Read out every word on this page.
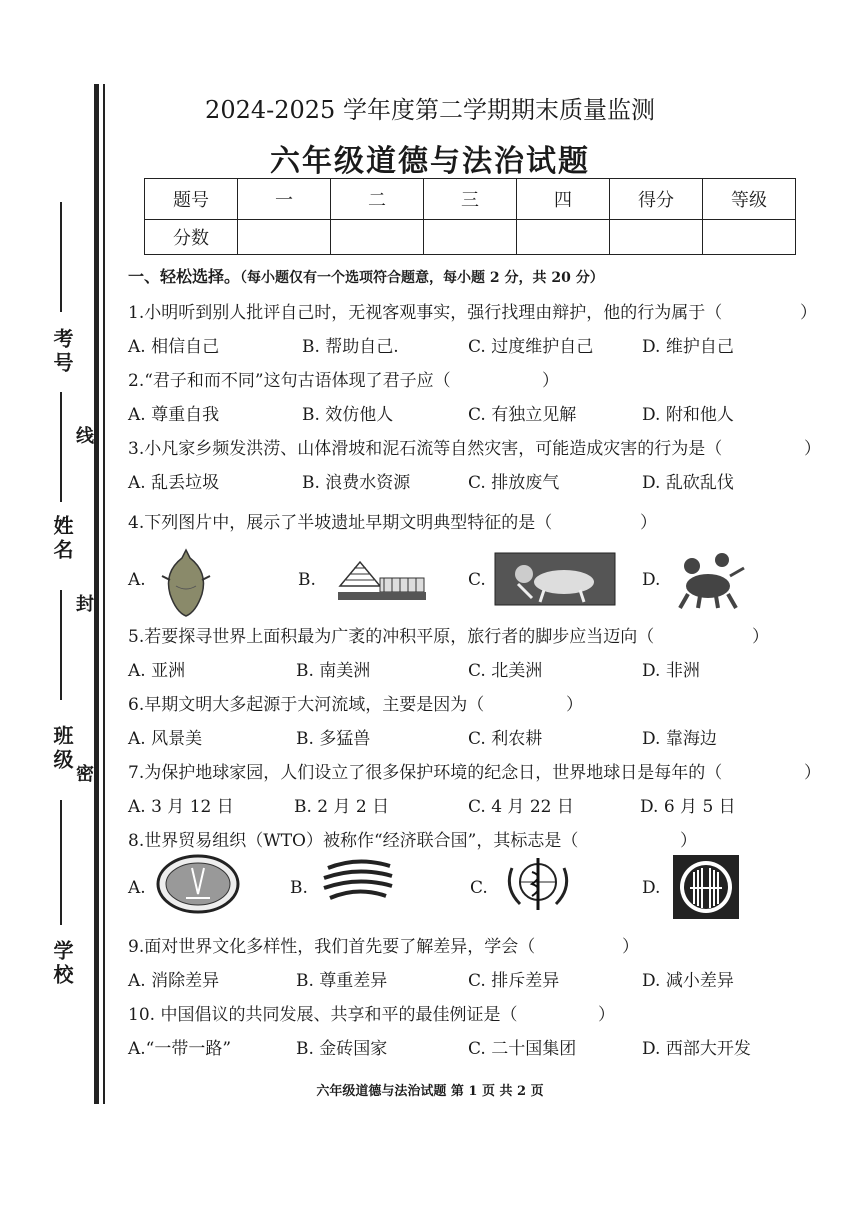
考号
姓名
班级
学校
线
封
密
2024-2025 学年度第二学期期末质量监测
六年级道德与法治试题
题号	一	二	三	四	得分	等级
分数						
一、轻松选择。（每小题仅有一个选项符合题意，每小题 2 分，共 20 分）
1.小明听到别人批评自己时，无视客观事实，强行找理由辩护，他的行为属于（	）
A. 相信自己	B. 帮助自己.	C. 过度维护自己	D. 维护自己
2.“君子和而不同”这句古语体现了君子应（	）
A. 尊重自我	B. 效仿他人	C. 有独立见解	D. 附和他人
3.小凡家乡频发洪涝、山体滑坡和泥石流等自然灾害，可能造成灾害的行为是（	）
A. 乱丢垃圾	B. 浪费水资源	C. 排放废气	D. 乱砍乱伐
4.下列图片中，展示了半坡遗址早期文明典型特征的是（	）
A.	B.	C.	D.
5.若要探寻世界上面积最为广袤的冲积平原，旅行者的脚步应当迈向（	）
A. 亚洲	B. 南美洲	C. 北美洲	D. 非洲
6.早期文明大多起源于大河流域，主要是因为（	）
A. 风景美	B. 多猛兽	C. 利农耕	D. 靠海边
7.为保护地球家园，人们设立了很多保护环境的纪念日，世界地球日是每年的（	）
A. 3 月 12 日	B. 2 月 2 日	C. 4 月 22 日	D. 6 月 5 日
8.世界贸易组织（WTO）被称作“经济联合国”，其标志是（	）
A.	B.	C.	D.
9.面对世界文化多样性，我们首先要了解差异，学会（	）
A. 消除差异	B. 尊重差异	C. 排斥差异	D. 减小差异
10. 中国倡议的共同发展、共享和平的最佳例证是（	）
A.“一带一路”	B. 金砖国家	C. 二十国集团	D. 西部大开发
六年级道德与法治试题 第 1 页 共 2 页
